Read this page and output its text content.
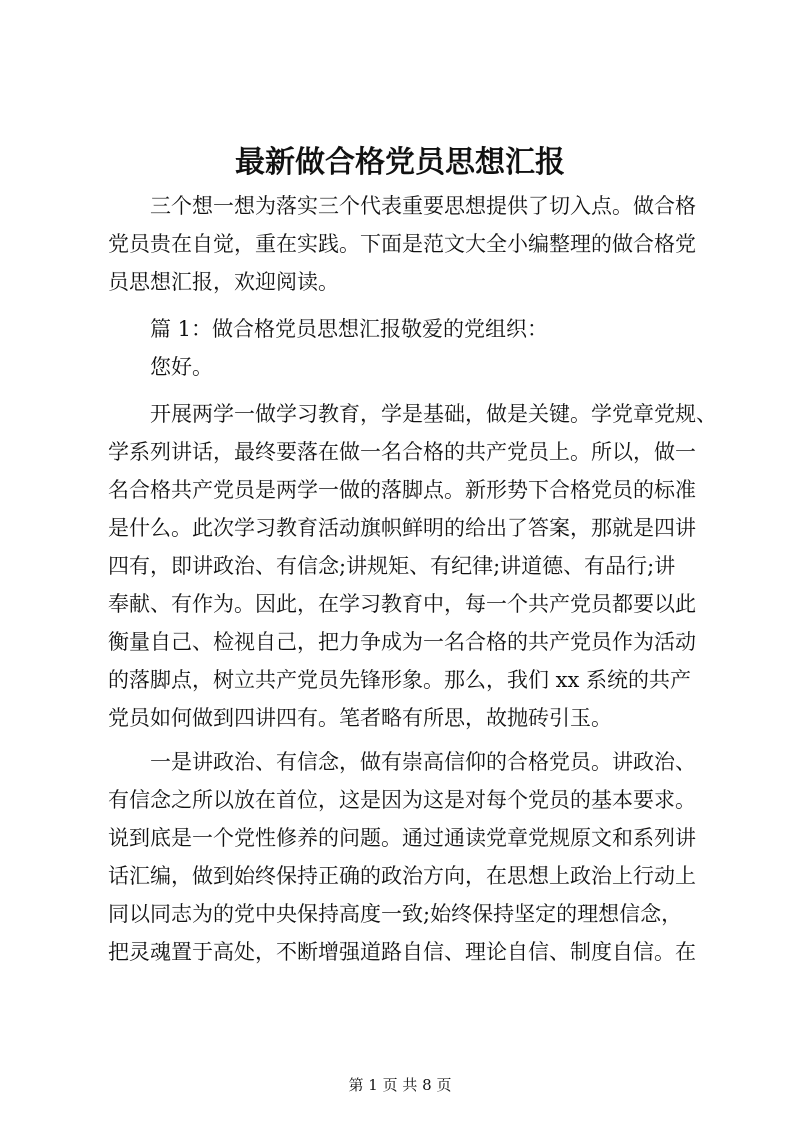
最新做合格党员思想汇报
三个想一想为落实三个代表重要思想提供了切入点。做合格
党员贵在自觉，重在实践。下面是范文大全小编整理的做合格党
员思想汇报，欢迎阅读。
篇 1：做合格党员思想汇报敬爱的党组织：
您好。
开展两学一做学习教育，学是基础，做是关键。学党章党规、
学系列讲话，最终要落在做一名合格的共产党员上。所以，做一
名合格共产党员是两学一做的落脚点。新形势下合格党员的标准
是什么。此次学习教育活动旗帜鲜明的给出了答案，那就是四讲
四有，即讲政治、有信念;讲规矩、有纪律;讲道德、有品行;讲
奉献、有作为。因此，在学习教育中，每一个共产党员都要以此
衡量自己、检视自己，把力争成为一名合格的共产党员作为活动
的落脚点，树立共产党员先锋形象。那么，我们 xx 系统的共产
党员如何做到四讲四有。笔者略有所思，故抛砖引玉。
一是讲政治、有信念，做有崇高信仰的合格党员。讲政治、
有信念之所以放在首位，这是因为这是对每个党员的基本要求。
说到底是一个党性修养的问题。通过通读党章党规原文和系列讲
话汇编，做到始终保持正确的政治方向，在思想上政治上行动上
同以同志为的党中央保持高度一致;始终保持坚定的理想信念，
把灵魂置于高处，不断增强道路自信、理论自信、制度自信。在
第 1 页 共 8 页
